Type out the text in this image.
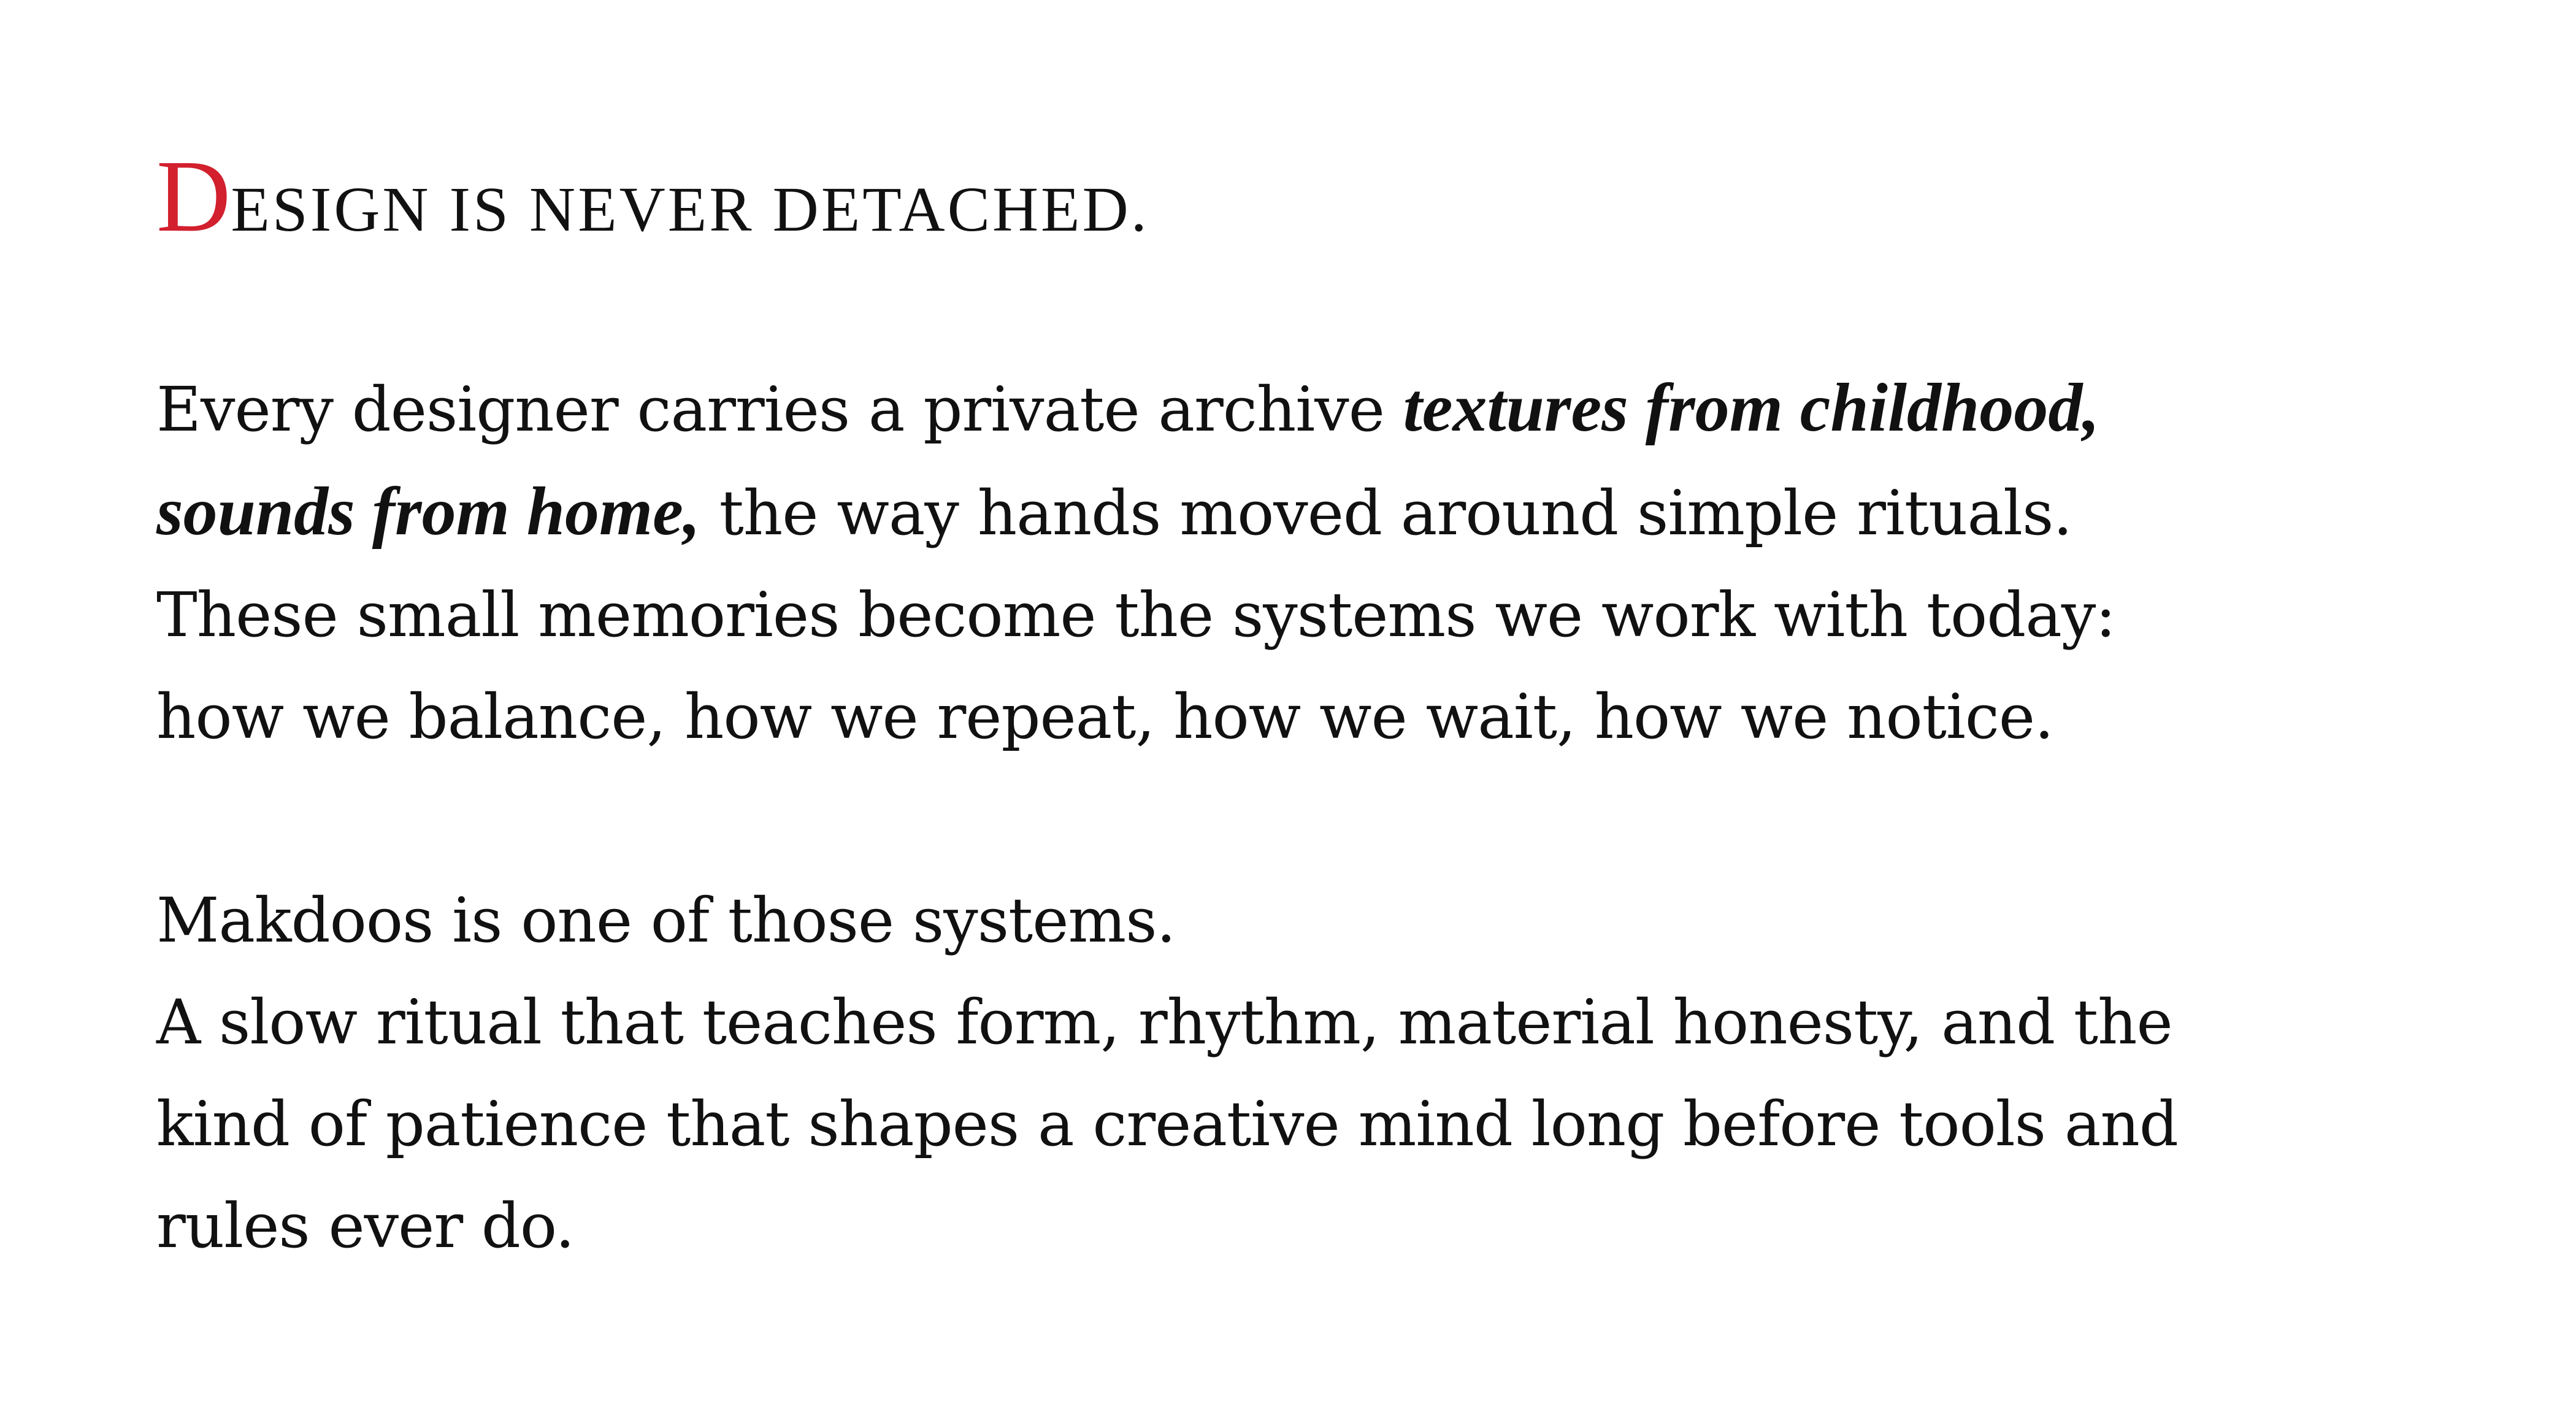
DESIGN IS NEVER DETACHED.

Every designer carries a private archive textures from childhood,
sounds from home, the way hands moved around simple rituals.
These small memories become the systems we work with today:
how we balance, how we repeat, how we wait, how we notice.

Makdoos is one of those systems.
A slow ritual that teaches form, rhythm, material honesty, and the
kind of patience that shapes a creative mind long before tools and
rules ever do.
